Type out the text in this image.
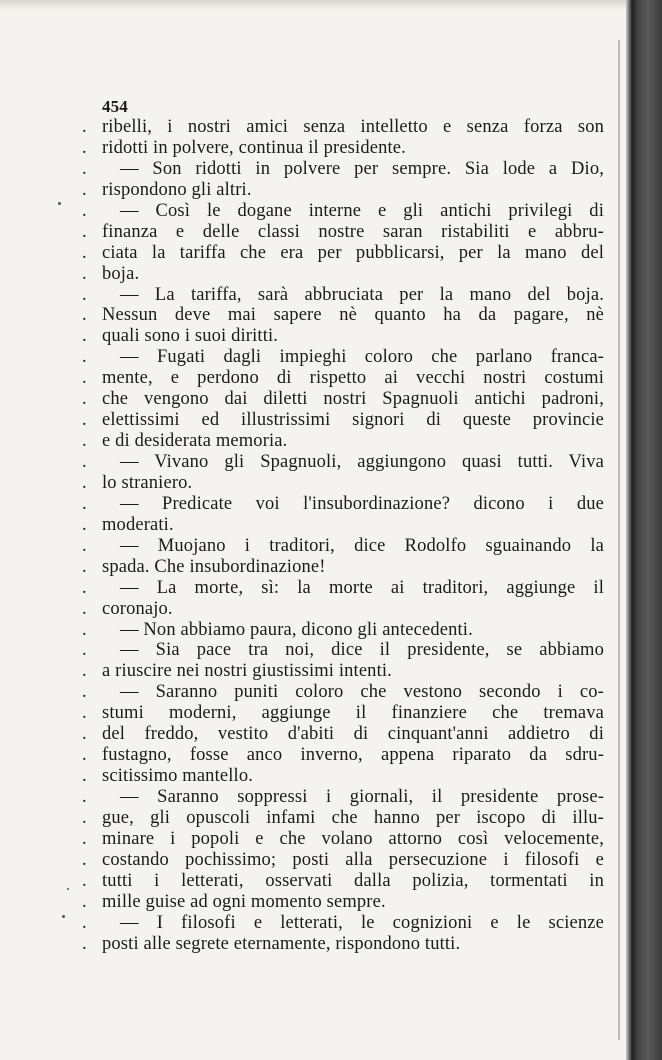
454
. ribelli, i nostri amici senza intelletto e senza forza son
. ridotti in polvere, continua il presidente.
.	— Son ridotti in polvere per sempre. Sia lode a Dio,
. rispondono gli altri.
.	— Così le dogane interne e gli antichi privilegi di
. finanza e delle classi nostre saran ristabiliti e abbru-
. ciata la tariffa che era per pubblicarsi, per la mano del
. boja.
.	— La tariffa, sarà abbruciata per la mano del boja.
. Nessun deve mai sapere nè quanto ha da pagare, nè
. quali sono i suoi diritti.
.	— Fugati dagli impieghi coloro che parlano franca-
. mente, e perdono di rispetto ai vecchi nostri costumi
. che vengono dai diletti nostri Spagnuoli antichi padroni,
. elettissimi ed illustrissimi signori di queste provincie
. e di desiderata memoria.
.	— Vivano gli Spagnuoli, aggiungono quasi tutti. Viva
. lo straniero.
.	— Predicate voi l'insubordinazione? dicono i due
. moderati.
.	— Muojano i traditori, dice Rodolfo sguainando la
. spada. Che insubordinazione!
.	— La morte, sì: la morte ai traditori, aggiunge il
. coronajo.
.	— Non abbiamo paura, dicono gli antecedenti.
.	— Sia pace tra noi, dice il presidente, se abbiamo
. a riuscire nei nostri giustissimi intenti.
.	— Saranno puniti coloro che vestono secondo i co-
. stumi moderni, aggiunge il finanziere che tremava
. del freddo, vestito d'abiti di cinquant'anni addietro di
. fustagno, fosse anco inverno, appena riparato da sdru-
. scitissimo mantello.
.	— Saranno soppressi i giornali, il presidente prose-
. gue, gli opuscoli infami che hanno per iscopo di illu-
. minare i popoli e che volano attorno così velocemente,
. costando pochissimo; posti alla persecuzione i filosofi e
. tutti i letterati, osservati dalla polizia, tormentati in
. mille guise ad ogni momento sempre.
.	— I filosofi e letterati, le cognizioni e le scienze
. posti alle segrete eternamente, rispondono tutti.
